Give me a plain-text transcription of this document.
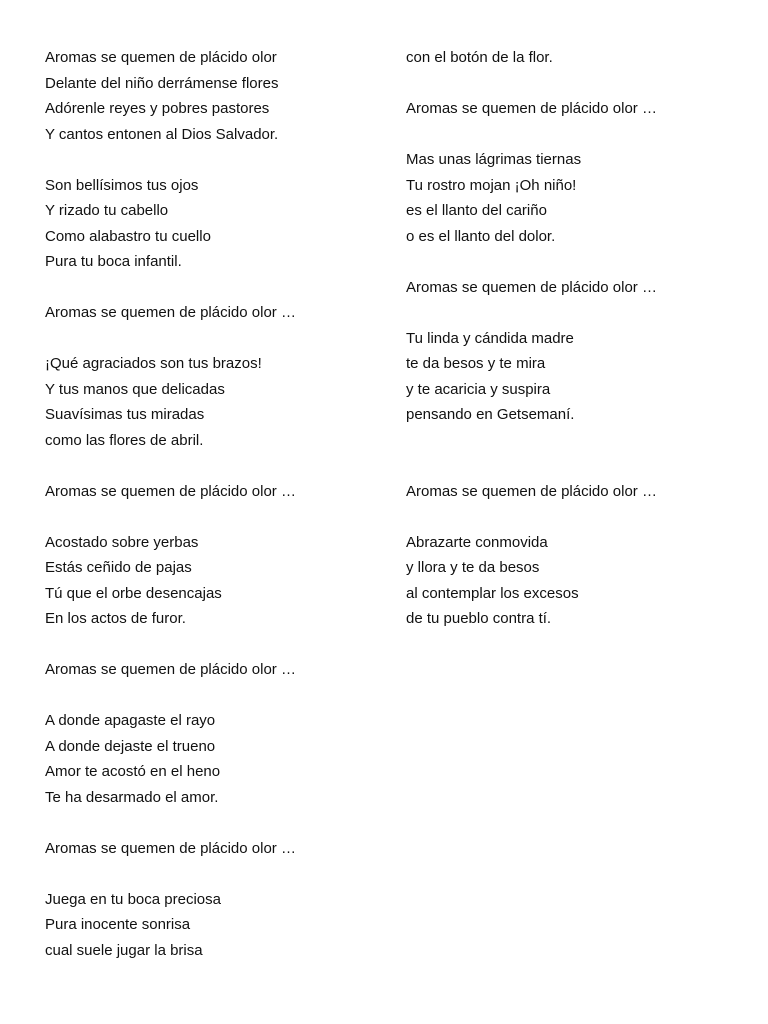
Aromas se quemen de plácido olor
Delante del niño derrámense flores
Adórenle reyes y pobres pastores
Y cantos entonen al Dios Salvador.
Son bellísimos tus ojos
Y rizado tu cabello
Como alabastro tu cuello
Pura tu boca infantil.
Aromas se quemen de plácido olor …
¡Qué agraciados son tus brazos!
Y tus manos que delicadas
Suavísimas tus miradas
como las flores de abril.
Aromas se quemen de plácido olor …
Acostado sobre yerbas
Estás ceñido de pajas
Tú que el orbe desencajas
En los actos de furor.
Aromas se quemen de plácido olor …
A donde apagaste el rayo
A donde dejaste el trueno
Amor te acostó en el heno
Te ha desarmado el amor.
Aromas se quemen de plácido olor …
Juega en tu boca preciosa
Pura inocente sonrisa
cual suele jugar la brisa
con el botón de la flor.
Aromas se quemen de plácido olor …
Mas unas lágrimas tiernas
Tu rostro mojan ¡Oh niño!
es el llanto del cariño
o es el llanto del dolor.
Aromas se quemen de plácido olor …
Tu linda y cándida madre
te da besos y te mira
y te acaricia y suspira
pensando en Getsemaní.
Aromas se quemen de plácido olor …
Abrazarte conmovida
y llora y te da besos
al contemplar los excesos
de tu pueblo contra tí.
